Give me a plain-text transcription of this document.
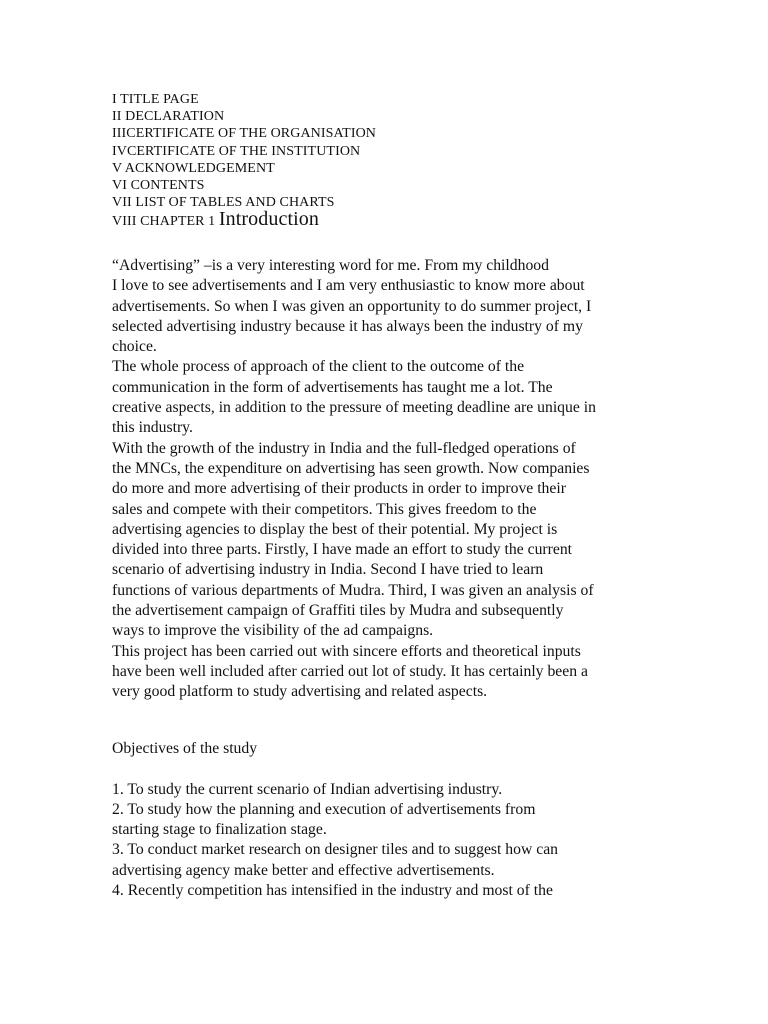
I TITLE PAGE
II DECLARATION
IIICERTIFICATE OF THE ORGANISATION
IVCERTIFICATE OF THE INSTITUTION
V ACKNOWLEDGEMENT
VI CONTENTS
VII LIST OF TABLES AND CHARTS
VIII CHAPTER 1 Introduction
“Advertising” –is a very interesting word for me. From my childhood
I love to see advertisements and I am very enthusiastic to know more about
advertisements. So when I was given an opportunity to do summer project, I
selected advertising industry because it has always been the industry of my
choice.
The whole process of approach of the client to the outcome of the
communication in the form of advertisements has taught me a lot. The
creative aspects, in addition to the pressure of meeting deadline are unique in
this industry.
With the growth of the industry in India and the full-fledged operations of
the MNCs, the expenditure on advertising has seen growth. Now companies
do more and more advertising of their products in order to improve their
sales and compete with their competitors. This gives freedom to the
advertising agencies to display the best of their potential. My project is
divided into three parts. Firstly, I have made an effort to study the current
scenario of advertising industry in India. Second I have tried to learn
functions of various departments of Mudra. Third, I was given an analysis of
the advertisement campaign of Graffiti tiles by Mudra and subsequently
ways to improve the visibility of the ad campaigns.
This project has been carried out with sincere efforts and theoretical inputs
have been well included after carried out lot of study. It has certainly been a
very good platform to study advertising and related aspects.
Objectives of the study
1. To study the current scenario of Indian advertising industry.
2. To study how the planning and execution of advertisements from
starting stage to finalization stage.
3. To conduct market research on designer tiles and to suggest how can
advertising agency make better and effective advertisements.
4. Recently competition has intensified in the industry and most of the
